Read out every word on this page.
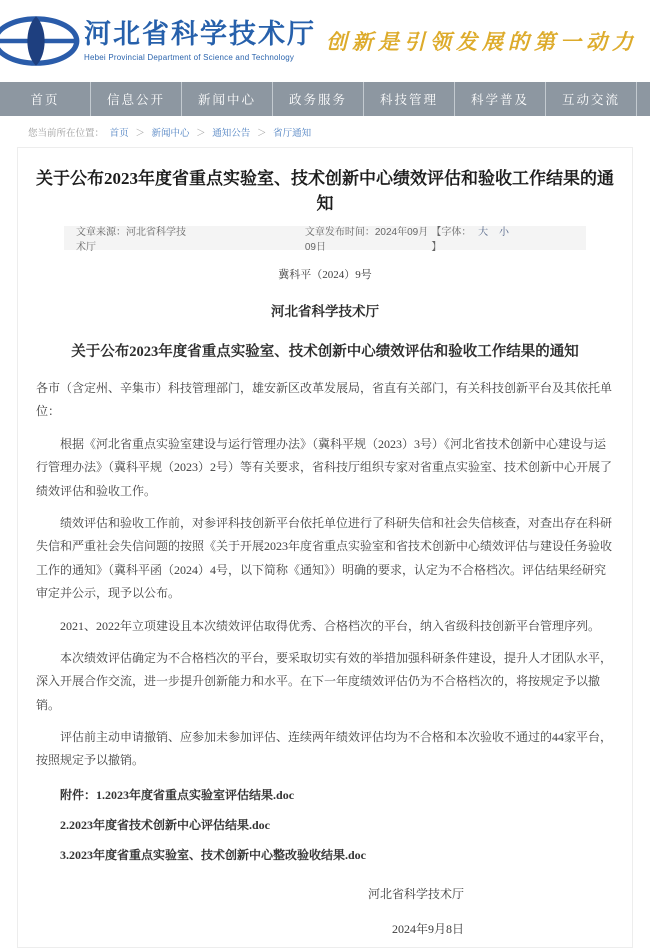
河北省科学技术厅
Hebei Provincial Department of Science and Technology
创新是引领发展的第一动力
首页	信息公开	新闻中心	政务服务	科技管理	科学普及	互动交流
您当前所在位置： 首页 ＞ 新闻中心 ＞ 通知公告 ＞ 省厅通知
关于公布2023年度省重点实验室、技术创新中心绩效评估和验收工作结果的通知
文章来源：河北省科学技术厅
文章发布时间：2024年09月09日
【字体： 大 小 】
冀科平（2024）9号
河北省科学技术厅
关于公布2023年度省重点实验室、技术创新中心绩效评估和验收工作结果的通知
各市（含定州、辛集市）科技管理部门，雄安新区改革发展局，省直有关部门，有关科技创新平台及其依托单位：
根据《河北省重点实验室建设与运行管理办法》（冀科平规（2023）3号）《河北省技术创新中心建设与运行管理办法》（冀科平规（2023）2号）等有关要求，省科技厅组织专家对省重点实验室、技术创新中心开展了绩效评估和验收工作。
绩效评估和验收工作前，对参评科技创新平台依托单位进行了科研失信和社会失信核查，对查出存在科研失信和严重社会失信问题的按照《关于开展2023年度省重点实验室和省技术创新中心绩效评估与建设任务验收工作的通知》（冀科平函（2024）4号，以下简称《通知》）明确的要求，认定为不合格档次。评估结果经研究审定并公示，现予以公布。
2021、2022年立项建设且本次绩效评估取得优秀、合格档次的平台，纳入省级科技创新平台管理序列。
本次绩效评估确定为不合格档次的平台，要采取切实有效的举措加强科研条件建设，提升人才团队水平，深入开展合作交流，进一步提升创新能力和水平。在下一年度绩效评估仍为不合格档次的，将按规定予以撤销。
评估前主动申请撤销、应参加未参加评估、连续两年绩效评估均为不合格和本次验收不通过的44家平台，按照规定予以撤销。
附件：1.2023年度省重点实验室评估结果.doc
2.2023年度省技术创新中心评估结果.doc
3.2023年度省重点实验室、技术创新中心整改验收结果.doc
河北省科学技术厅
2024年9月8日
